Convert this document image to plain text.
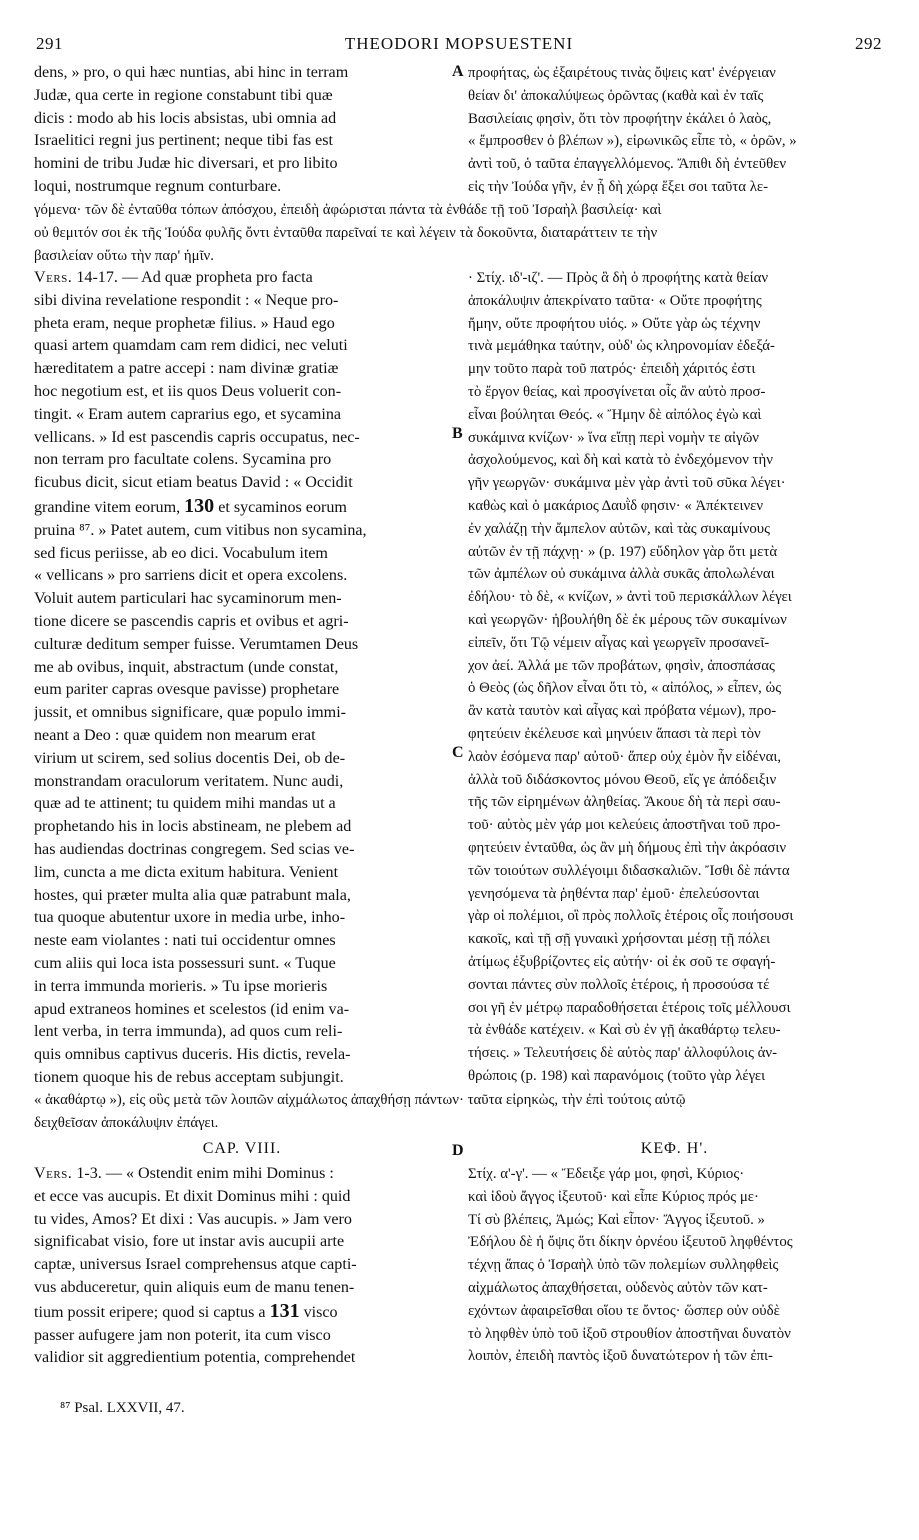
291	THEODORI MOPSUESTENI	292
dens, » pro, o qui hæc nuntias, abi hinc in terram
Judæ, qua certe in regione constabunt tibi quæ
dicis : modo ab his locis absistas, ubi omnia ad
Israelitici regni jus pertinent; neque tibi fas est
homini de tribu Judæ hic diversari, et pro libito
loqui, nostrumque regnum conturbare.
A προφήτας, ὡς ἐξαιρέτους τινὰς ὄψεις κατ' ἐνέργειαν
θείαν δι' ἀποκαλύψεως ὁρῶντας (καθὰ καὶ ἐν ταῖς
Βασιλείαις φησὶν, ὅτι τὸν προφήτην ἐκάλει ὁ λαὸς,
« ἔμπροσθεν ὁ βλέπων »), εἰρωνικῶς εἶπε τὸ, « ὁρῶν, »
ἀντὶ τοῦ, ὁ ταῦτα ἐπαγγελλόμενος. Ἄπιθι δὴ ἐντεῦθεν
εἰς τὴν Ἰούδα γῆν, ἐν ᾗ δὴ χώρᾳ ἕξει σοι ταῦτα λε-
γόμενα· τῶν δὲ ἐνταῦθα τόπων ἀπόσχου, ἐπειδὴ ἀφώρισται πάντα τὰ ἐνθάδε τῇ τοῦ Ἰσραὴλ βασιλείᾳ· καὶ
οὐ θεμιτόν σοι ἐκ τῆς Ἰούδα φυλῆς ὄντι ἐνταῦθα παρεῖναί τε καὶ λέγειν τὰ δοκοῦντα, διαταράττειν τε τὴν
βασιλείαν οὕτω τὴν παρ' ἡμῖν.
Vers. 14-17. — Ad quæ propheta pro facta
sibi divina revelatione respondit : « Neque pro-
pheta eram, neque prophetæ filius. » Haud ego
quasi artem quamdam cam rem didici, nec veluti
hæreditatem a patre accepi : nam divinæ gratiæ
hoc negotium est, et iis quos Deus voluerit con-
tingit. « Eram autem caprarius ego, et sycamina
vellicans. » Id est pascendis capris occupatus, nec-
non terram pro facultate colens. Sycamina pro
ficubus dicit, sicut etiam beatus David : « Occidit
grandine vitem eorum, 130 et sycaminos eorum
pruina ⁸⁷. » Patet autem, cum vitibus non sycamina,
sed ficus periisse, ab eo dici. Vocabulum item
« vellicans » pro sarriens dicit et opera excolens.
Voluit autem particulari hac sycaminorum men-
tione dicere se pascendis capris et ovibus et agri-
culturæ deditum semper fuisse. Verumtamen Deus
me ab ovibus, inquit, abstractum (unde constat,
eum pariter capras ovesque pavisse) prophetare
jussit, et omnibus significare, quæ populo immi-
neant a Deo : quæ quidem non mearum erat
virium ut scirem, sed solius docentis Dei, ob de-
monstrandam oraculorum veritatem. Nunc audi,
quæ ad te attinent; tu quidem mihi mandas ut a
prophetando his in locis abstineam, ne plebem ad
has audiendas doctrinas congregem. Sed scias ve-
lim, cuncta a me dicta exitum habitura. Venient
hostes, qui præter multa alia quæ patrabunt mala,
tua quoque abutentur uxore in media urbe, inho-
neste eam violantes : nati tui occidentur omnes
cum aliis qui loca ista possessuri sunt. « Tuque
in terra immunda morieris. » Tu ipse morieris
apud extraneos homines et scelestos (id enim va-
lent verba, in terra immunda), ad quos cum reli-
quis omnibus captivus duceris. His dictis, revela-
tionem quoque his de rebus acceptam subjungit.
B
C
· Στίχ. ιδ'-ιζ'. — Πρὸς ἃ δὴ ὁ προφήτης κατὰ θείαν
ἀποκάλυψιν ἀπεκρίνατο ταῦτα· « Οὔτε προφήτης
ἤμην, οὔτε προφήτου υἱός. » Οὔτε γὰρ ὡς τέχνην
τινὰ μεμάθηκα ταύτην, οὐδ' ὡς κληρονομίαν ἐδεξά-
μην τοῦτο παρὰ τοῦ πατρός· ἐπειδὴ χάριτός ἐστι
τὸ ἔργον θείας, καὶ προσγίνεται οἷς ἂν αὐτὸ προσ-
εἶναι βούληται Θεός. « Ἤμην δὲ αἰπόλος ἐγὼ καὶ
συκάμινα κνίζων· » ἵνα εἴπῃ περὶ νομὴν τε αἰγῶν
ἀσχολούμενος, καὶ δὴ καὶ κατὰ τὸ ἐνδεχόμενον τὴν
γῆν γεωργῶν· συκάμινα μὲν γὰρ ἀντὶ τοῦ σῦκα λέγει·
καθὼς καὶ ὁ μακάριος Δαυῒδ φησιν· « Ἀπέκτεινεν
ἐν χαλάζῃ τὴν ἄμπελον αὐτῶν, καὶ τὰς συκαμίνους
αὐτῶν ἐν τῇ πάχνῃ· » (p. 197) εὔδηλον γὰρ ὅτι μετὰ
τῶν ἀμπέλων οὐ συκάμινα ἀλλὰ συκᾶς ἀπολωλέναι
ἐδήλου· τὸ δὲ, « κνίζων, » ἀντὶ τοῦ περισκάλλων λέγει
καὶ γεωργῶν· ἠβουλήθη δὲ ἐκ μέρους τῶν συκαμίνων
εἰπεῖν, ὅτι Τῷ νέμειν αἶγας καὶ γεωργεῖν προσανεῖ-
χον ἀεί. Ἀλλά με τῶν προβάτων, φησὶν, ἀποσπάσας
ὁ Θεὸς (ὡς δῆλον εἶναι ὅτι τὸ, « αἰπόλος, » εἶπεν, ὡς
ἂν κατὰ ταυτὸν καὶ αἶγας καὶ πρόβατα νέμων), προ-
φητεύειν ἐκέλευσε καὶ μηνύειν ἅπασι τὰ περὶ τὸν
λαὸν ἐσόμενα παρ' αὐτοῦ· ἅπερ οὐχ ἐμὸν ἦν εἰδέναι,
ἀλλὰ τοῦ διδάσκοντος μόνου Θεοῦ, εἴς γε ἀπόδειξιν
τῆς τῶν εἰρημένων ἀληθείας. Ἄκουε δὴ τὰ περὶ σαυ-
τοῦ· αὐτὸς μὲν γάρ μοι κελεύεις ἀποστῆναι τοῦ προ-
φητεύειν ἐνταῦθα, ὡς ἂν μὴ δήμους ἐπὶ τὴν ἀκρόασιν
τῶν τοιούτων συλλέγοιμι διδασκαλιῶν. Ἴσθι δὲ πάντα
γενησόμενα τὰ ῥηθέντα παρ' ἐμοῦ· ἐπελεύσονται
γὰρ οἱ πολέμιοι, οἳ πρὸς πολλοῖς ἑτέροις οἷς ποιήσουσι
κακοῖς, καὶ τῇ σῇ γυναικὶ χρήσονται μέσῃ τῇ πόλει
ἀτίμως ἐξυβρίζοντες εἰς αὐτήν· οἱ ἐκ σοῦ τε σφαγή-
σονται πάντες σὺν πολλοῖς ἑτέροις, ἡ προσούσα τέ
σοι γῆ ἐν μέτρῳ παραδοθήσεται ἑτέροις τοῖς μέλλουσι
τὰ ἐνθάδε κατέχειν. « Καὶ σὺ ἐν γῇ ἀκαθάρτῳ τελευ-
τήσεις. » Τελευτήσεις δὲ αὐτὸς παρ' ἀλλοφύλοις ἀν-
θρώποις (p. 198) καὶ παρανόμοις (τοῦτο γὰρ λέγει
« ἀκαθάρτῳ »), εἰς οὓς μετὰ τῶν λοιπῶν αἰχμάλωτος ἀπαχθήσῃ πάντων· ταῦτα εἰρηκὼς, τὴν ἐπὶ τούτοις αὐτῷ
δειχθεῖσαν ἀποκάλυψιν ἐπάγει.
CAP. VIII.	D	ΚΕΦ. Η'.
Vers. 1-3. — « Ostendit enim mihi Dominus :
et ecce vas aucupis. Et dixit Dominus mihi : quid
tu vides, Amos? Et dixi : Vas aucupis. » Jam vero
significabat visio, fore ut instar avis aucupii arte
captæ, universus Israel comprehensus atque capti-
vus abduceretur, quin aliquis eum de manu tenen-
tium possit eripere; quod si captus a 131 visco
passer aufugere jam non poterit, ita cum visco
validior sit aggredientium potentia, comprehendet
Στίχ. α'-γ'. — « Ἔδειξε γάρ μοι, φησὶ, Κύριος·
καὶ ἰδοὺ ἄγγος ἰξευτοῦ· καὶ εἶπε Κύριος πρός με·
Τί σὺ βλέπεις, Ἀμώς; Καὶ εἶπον· Ἄγγος ἰξευτοῦ. »
Ἐδήλου δὲ ἡ ὄψις ὅτι δίκην ὀρνέου ἰξευτοῦ ληφθέντος
τέχνῃ ἅπας ὁ Ἰσραὴλ ὑπὸ τῶν πολεμίων συλληφθεὶς
αἰχμάλωτος ἀπαχθήσεται, οὐδενὸς αὐτὸν τῶν κατ-
εχόντων ἀφαιρεῖσθαι οἵου τε ὄντος· ὥσπερ οὐν οὐδὲ
τὸ ληφθὲν ὑπὸ τοῦ ἰξοῦ στρουθίον ἀποστῆναι δυνατὸν
λοιπὸν, ἐπειδὴ παντὸς ἰξοῦ δυνατώτερον ἡ τῶν ἐπι-
⁸⁷ Psal. LXXVII, 47.
